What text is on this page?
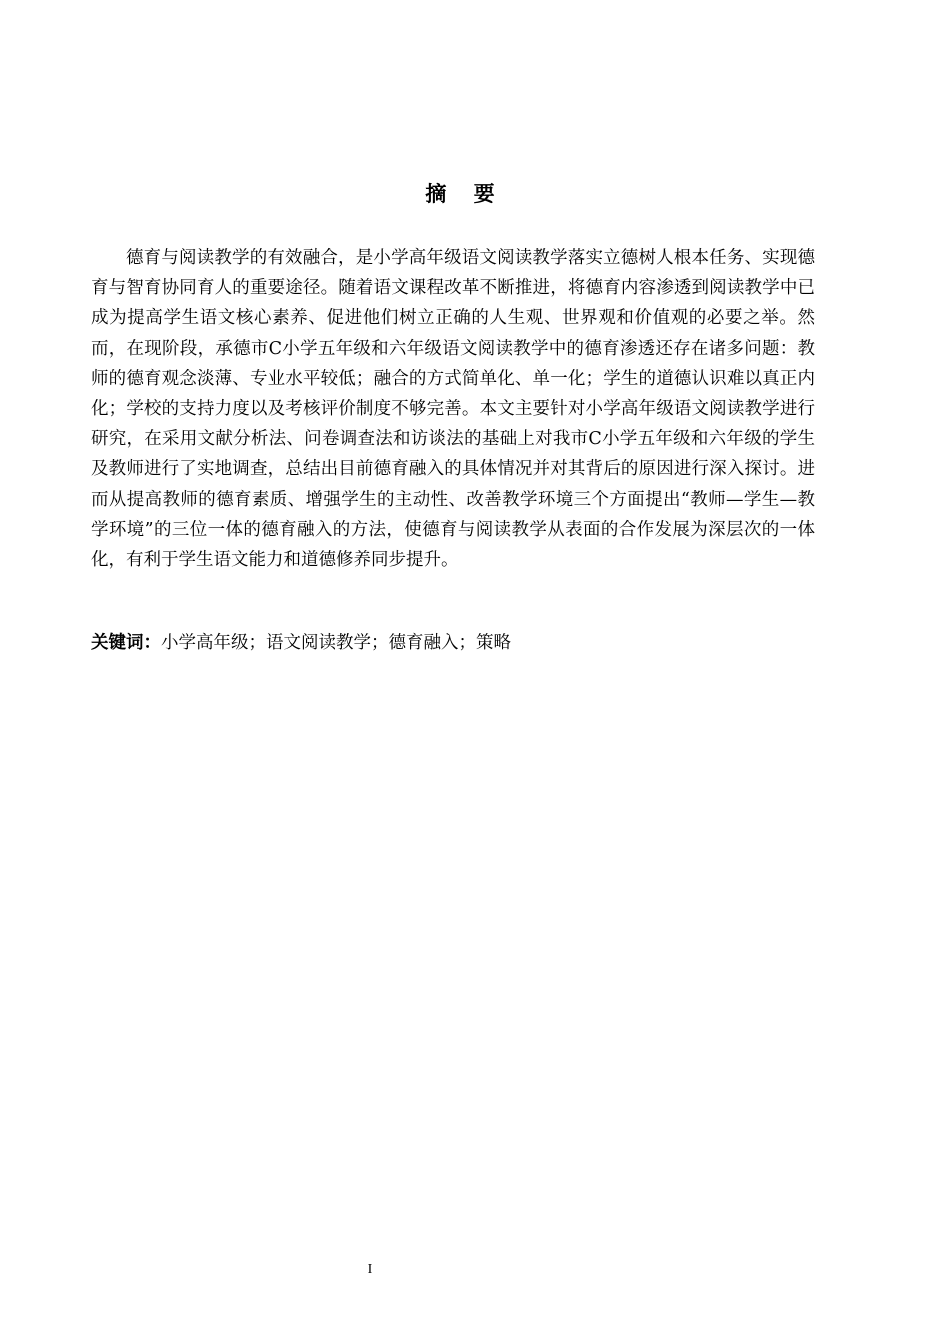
摘 要

德育与阅读教学的有效融合，是小学高年级语文阅读教学落实立德树人根本任务、实现德育与智育协同育人的重要途径。随着语文课程改革不断推进，将德育内容渗透到阅读教学中已成为提高学生语文核心素养、促进他们树立正确的人生观、世界观和价值观的必要之举。然而，在现阶段，承德市C小学五年级和六年级语文阅读教学中的德育渗透还存在诸多问题：教师的德育观念淡薄、专业水平较低；融合的方式简单化、单一化；学生的道德认识难以真正内化；学校的支持力度以及考核评价制度不够完善。本文主要针对小学高年级语文阅读教学进行研究，在采用文献分析法、问卷调查法和访谈法的基础上对我市C小学五年级和六年级的学生及教师进行了实地调查，总结出目前德育融入的具体情况并对其背后的原因进行深入探讨。进而从提高教师的德育素质、增强学生的主动性、改善教学环境三个方面提出“教师—学生—教学环境”的三位一体的德育融入的方法，使德育与阅读教学从表面的合作发展为深层次的一体化，有利于学生语文能力和道德修养同步提升。

关键词：小学高年级；语文阅读教学；德育融入；策略

I
